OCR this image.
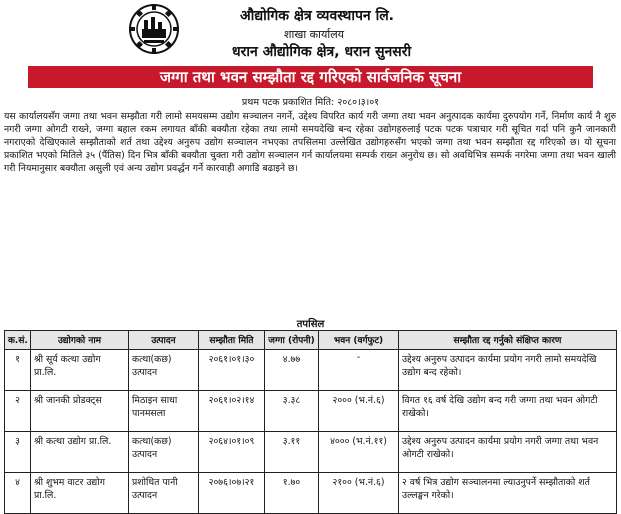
औद्योगिक क्षेत्र व्यवस्थापन लि.
शाखा कार्यालय
धरान औद्योगिक क्षेत्र, धरान सुनसरी
जग्गा तथा भवन सम्झौता रद्द गरिएको सार्वजनिक सूचना
प्रथम पटक प्रकाशित मिति: २०८०।३।०१

यस कार्यालयसँग जग्गा तथा भवन सम्झौता गरी लामो समयसम्म उद्योग सञ्चालन नगर्ने, उद्देश्य विपरित कार्य गरी जग्गा तथा भवन अनुत्पादक कार्यमा दुरुपयोग गर्ने, निर्माण कार्य नै शुरु नगरी जग्गा ओगटी राख्ने, जग्गा बहाल रकम लगायत बाँकी बक्यौता रहेका तथा लामो समयदेखि बन्द रहेका उद्योगहरुलाई पटक पटक पत्राचार गरी सूचित गर्दा पनि कुनै जानकारी नगराएको देखिएकाले सम्झौताको शर्त तथा उद्देश्य अनुरुप उद्योग सञ्चालन नभएका तपसिलमा उल्लेखित उद्योगहरुसँग भएको जग्गा तथा भवन सम्झौता रद्द गरिएको छ। यो सूचना प्रकाशित भएको मितिले ३५ (पैंतिस) दिन भित्र बाँकी बक्यौता चुक्ता गरी उद्योग सञ्चालन गर्न कार्यालयमा सम्पर्क राख्न अनुरोध छ। सो अवधिभित्र सम्पर्क नगरेमा जग्गा तथा भवन खाली गरी नियमानुसार बक्यौता असुली एवं अन्य उद्योग प्रवर्द्धन गर्ने कारवाही अगाडि बढाइने छ।

तपसिल
क.सं.	उद्योगको नाम	उत्पादन	सम्झौता मिति	जग्गा (रोपनी)	भवन (वर्गफुट)	सम्झौता रद्द गर्नुको संक्षिप्त कारण
१	श्री सूर्य कत्था उद्योग प्रा.लि.	कत्था(कछ) उत्पादन	२०६१।०१।३०	४.७७	-	उद्देश्य अनुरुप उत्पादन कार्यमा प्रयोग नगरी लामो समयदेखि उद्योग बन्द रहेको।
२	श्री जानकी प्रोडक्ट्स	मिठाइन साधा पानमसला	२०६१।०२।१४	३.३८	२००० (भ.नं.६)	विगत १६ वर्ष देखि उद्योग बन्द गरी जग्गा तथा भवन ओगटी राखेको।
३	श्री कत्था उद्योग प्रा.लि.	कत्था(कछ) उत्पादन	२०६४।०१।०९	३.११	४००० (भ.नं.११)	उद्देश्य अनुरुप उत्पादन कार्यमा प्रयोग नगरी जग्गा तथा भवन ओगटी राखेको।
४	श्री शुभम वाटर उद्योग प्रा.लि.	प्रशोधित पानी उत्पादन	२०७६।०७।२१	१.७०	२१०० (भ.नं.६)	२ वर्ष भित्र उद्योग सञ्चालनमा ल्याउनुपर्ने सम्झौताको शर्त उल्लङ्घन गरेको।
